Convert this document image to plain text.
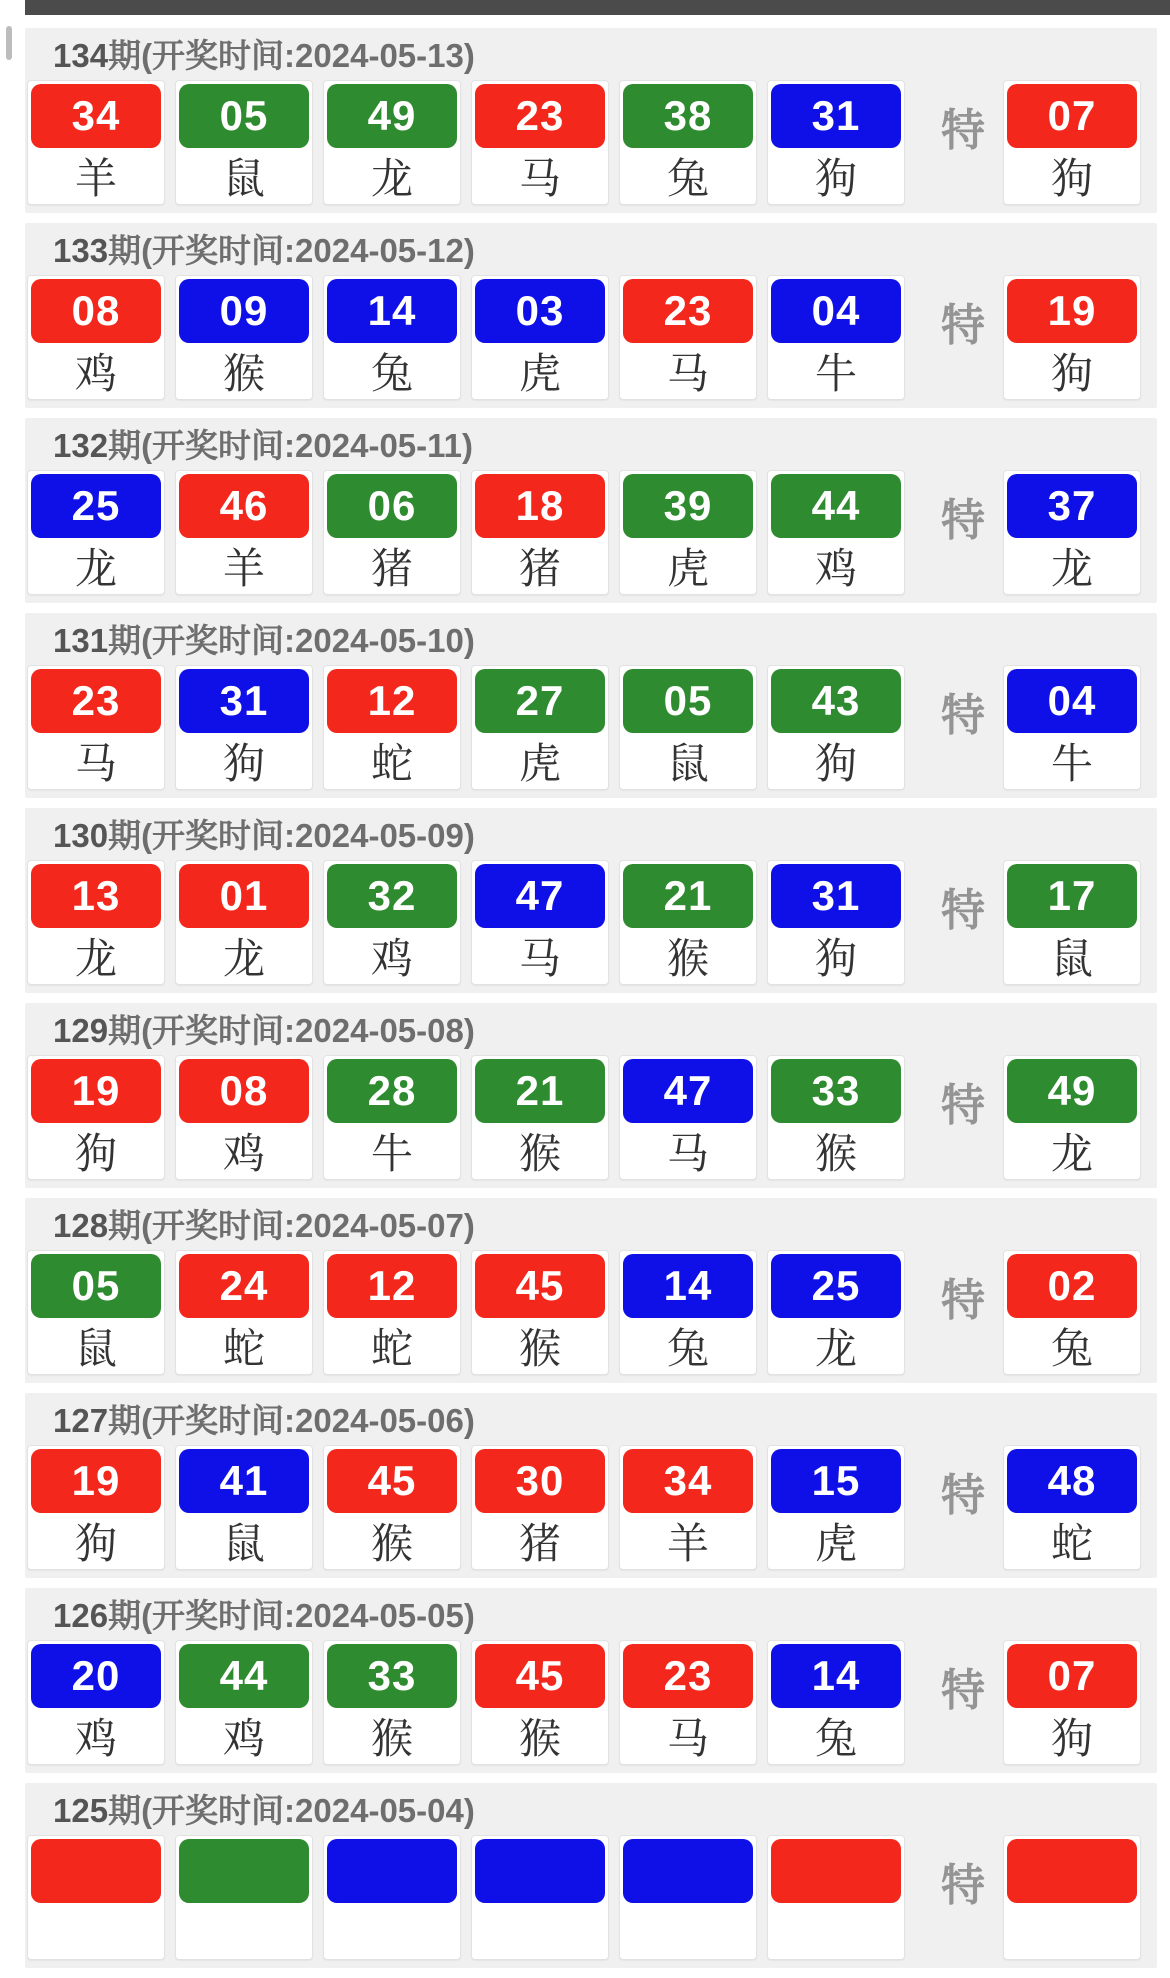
134期(开奖时间:2024-05-13)
特
34
羊
05
鼠
49
龙
23
马
38
兔
31
狗
07
狗
133期(开奖时间:2024-05-12)
特
08
鸡
09
猴
14
兔
03
虎
23
马
04
牛
19
狗
132期(开奖时间:2024-05-11)
特
25
龙
46
羊
06
猪
18
猪
39
虎
44
鸡
37
龙
131期(开奖时间:2024-05-10)
特
23
马
31
狗
12
蛇
27
虎
05
鼠
43
狗
04
牛
130期(开奖时间:2024-05-09)
特
13
龙
01
龙
32
鸡
47
马
21
猴
31
狗
17
鼠
129期(开奖时间:2024-05-08)
特
19
狗
08
鸡
28
牛
21
猴
47
马
33
猴
49
龙
128期(开奖时间:2024-05-07)
特
05
鼠
24
蛇
12
蛇
45
猴
14
兔
25
龙
02
兔
127期(开奖时间:2024-05-06)
特
19
狗
41
鼠
45
猴
30
猪
34
羊
15
虎
48
蛇
126期(开奖时间:2024-05-05)
特
20
鸡
44
鸡
33
猴
45
猴
23
马
14
兔
07
狗
125期(开奖时间:2024-05-04)
特
